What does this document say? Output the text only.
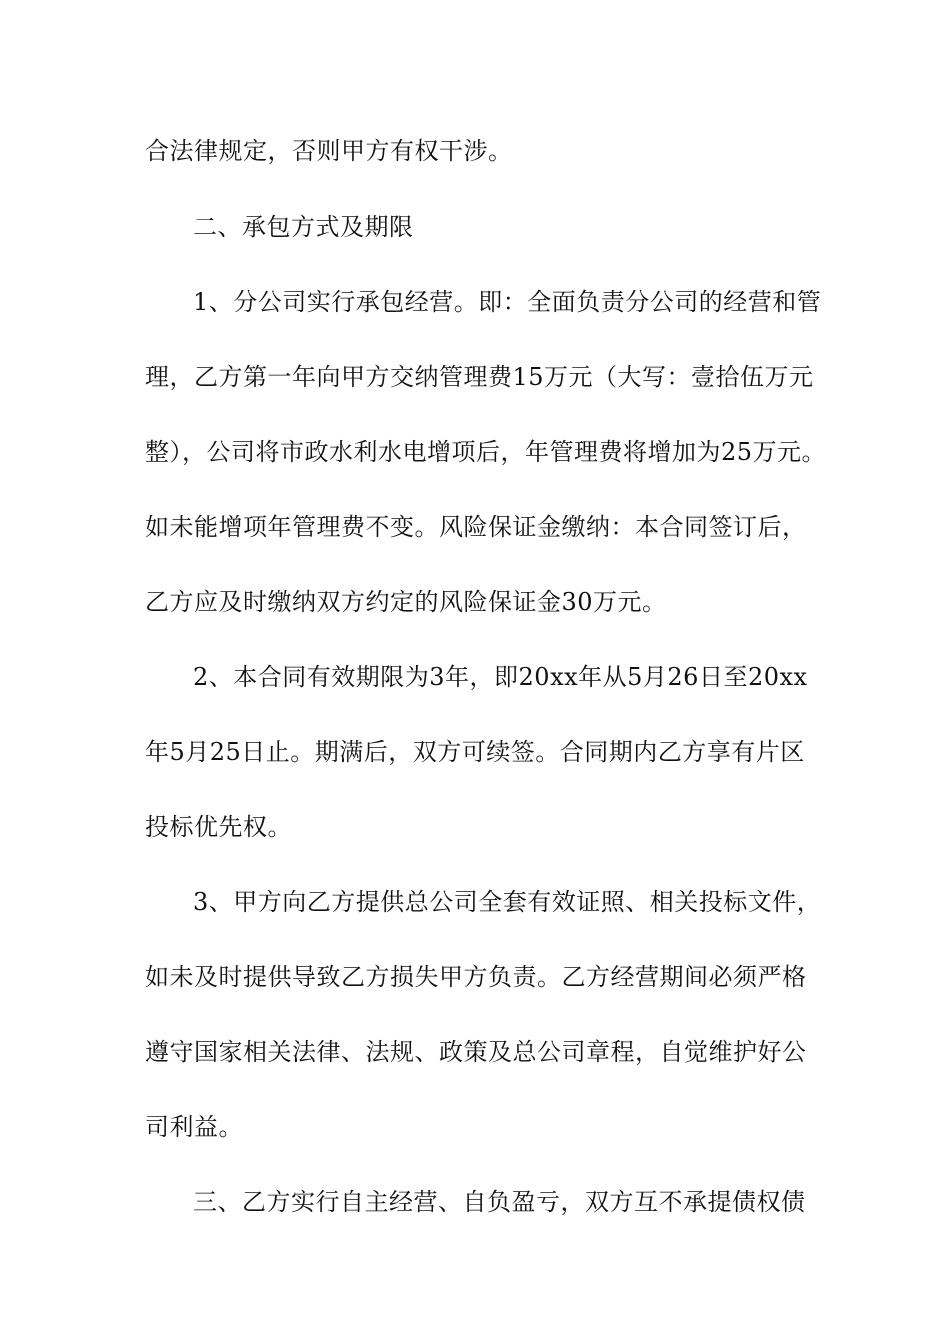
合法律规定，否则甲方有权干涉。
二、承包方式及期限
1、分公司实行承包经营。即：全面负责分公司的经营和管
理，乙方第一年向甲方交纳管理费15万元（大写：壹拾伍万元
整），公司将市政水利水电增项后，年管理费将增加为25万元。
如未能增项年管理费不变。风险保证金缴纳：本合同签订后，
乙方应及时缴纳双方约定的风险保证金30万元。
2、本合同有效期限为3年，即20xx年从5月26日至20xx
年5月25日止。期满后，双方可续签。合同期内乙方享有片区
投标优先权。
3、甲方向乙方提供总公司全套有效证照、相关投标文件，
如未及时提供导致乙方损失甲方负责。乙方经营期间必须严格
遵守国家相关法律、法规、政策及总公司章程，自觉维护好公
司利益。
三、乙方实行自主经营、自负盈亏，双方互不承提债权债
